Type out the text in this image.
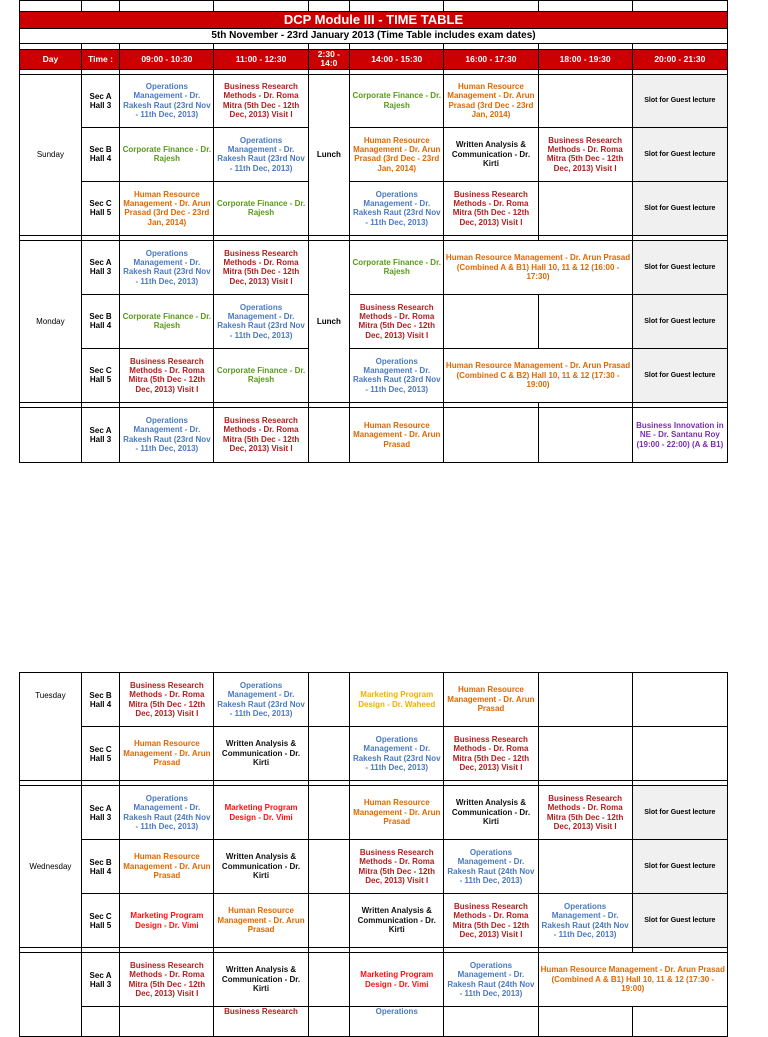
DCP Module III - TIME TABLE								
5th November - 23rd January 2013 (Time Table includes exam dates)								

Day	Time :	09:00 - 10:30	11:00 - 12:30	2:30 - 14:0	14:00 - 15:30	16:00 - 17:30	18:00 - 19:30	20:00 - 21:30

Sunday	Sec A Hall 3	Operations Management - Dr. Rakesh Raut (23rd Nov - 11th Dec, 2013)	Business Research Methods - Dr. Roma Mitra (5th Dec - 12th Dec, 2013) Visit I	Lunch	Corporate Finance - Dr. Rajesh	Human Resource Management - Dr. Arun Prasad (3rd Dec - 23rd Jan, 2014)		Slot for Guest lecture
	Sec B Hall 4	Corporate Finance - Dr. Rajesh	Operations Management - Dr. Rakesh Raut (23rd Nov - 11th Dec, 2013)		Human Resource Management - Dr. Arun Prasad (3rd Dec - 23rd Jan, 2014)	Written Analysis & Communication - Dr. Kirti	Business Research Methods - Dr. Roma Mitra (5th Dec - 12th Dec, 2013) Visit I	Slot for Guest lecture
	Sec C Hall 5	Human Resource Management - Dr. Arun Prasad (3rd Dec - 23rd Jan, 2014)	Corporate Finance - Dr. Rajesh		Operations Management - Dr. Rakesh Raut (23rd Nov - 11th Dec, 2013)	Business Research Methods - Dr. Roma Mitra (5th Dec - 12th Dec, 2013) Visit I		Slot for Guest lecture

Monday	Sec A Hall 3	Operations Management - Dr. Rakesh Raut (23rd Nov - 11th Dec, 2013)	Business Research Methods - Dr. Roma Mitra (5th Dec - 12th Dec, 2013) Visit I	Lunch	Corporate Finance - Dr. Rajesh	Human Resource Management - Dr. Arun Prasad (Combined A & B1) Hall 10, 11 & 12 (16:00 - 17:30)		Slot for Guest lecture
	Sec B Hall 4	Corporate Finance - Dr. Rajesh	Operations Management - Dr. Rakesh Raut (23rd Nov - 11th Dec, 2013)		Business Research Methods - Dr. Roma Mitra (5th Dec - 12th Dec, 2013) Visit I			Slot for Guest lecture
	Sec C Hall 5	Business Research Methods - Dr. Roma Mitra (5th Dec - 12th Dec, 2013) Visit I	Corporate Finance - Dr. Rajesh		Operations Management - Dr. Rakesh Raut (23rd Nov - 11th Dec, 2013)	Human Resource Management - Dr. Arun Prasad (Combined C & B2) Hall 10, 11 & 12 (17:30 - 19:00)		Slot for Guest lecture

	Sec A Hall 3	Operations Management - Dr. Rakesh Raut (23rd Nov - 11th Dec, 2013)	Business Research Methods - Dr. Roma Mitra (5th Dec - 12th Dec, 2013) Visit I		Human Resource Management - Dr. Arun Prasad			Business Innovation in NE - Dr. Santanu Roy (19:00 - 22:00) (A & B1)
Tuesday	Sec B Hall 4	Business Research Methods - Dr. Roma Mitra (5th Dec - 12th Dec, 2013) Visit I	Operations Management - Dr. Rakesh Raut (23rd Nov - 11th Dec, 2013)		Marketing Program Design - Dr. Waheed	Human Resource Management - Dr. Arun Prasad		
	Sec C Hall 5	Human Resource Management - Dr. Arun Prasad	Written Analysis & Communication - Dr. Kirti		Operations Management - Dr. Rakesh Raut (23rd Nov - 11th Dec, 2013)	Business Research Methods - Dr. Roma Mitra (5th Dec - 12th Dec, 2013) Visit I		

Wednesday	Sec A Hall 3	Operations Management - Dr. Rakesh Raut (24th Nov - 11th Dec, 2013)	Marketing Program Design - Dr. Vimi		Human Resource Management - Dr. Arun Prasad	Written Analysis & Communication - Dr. Kirti	Business Research Methods - Dr. Roma Mitra (5th Dec - 12th Dec, 2013) Visit I	Slot for Guest lecture
	Sec B Hall 4	Human Resource Management - Dr. Arun Prasad	Written Analysis & Communication - Dr. Kirti		Business Research Methods - Dr. Roma Mitra (5th Dec - 12th Dec, 2013) Visit I	Operations Management - Dr. Rakesh Raut (24th Nov - 11th Dec, 2013)		Slot for Guest lecture
	Sec C Hall 5	Marketing Program Design - Dr. Vimi	Human Resource Management - Dr. Arun Prasad		Written Analysis & Communication - Dr. Kirti	Business Research Methods - Dr. Roma Mitra (5th Dec - 12th Dec, 2013) Visit I	Operations Management - Dr. Rakesh Raut (24th Nov - 11th Dec, 2013)	Slot for Guest lecture

	Sec A Hall 3	Business Research Methods - Dr. Roma Mitra (5th Dec - 12th Dec, 2013) Visit I	Written Analysis & Communication - Dr. Kirti		Marketing Program Design - Dr. Vimi	Operations Management - Dr. Rakesh Raut (24th Nov - 11th Dec, 2013)	Human Resource Management - Dr. Arun Prasad (Combined A & B1) Hall 10, 11 & 12 (17:30 - 19:00)	
			Business Research		Operations			
